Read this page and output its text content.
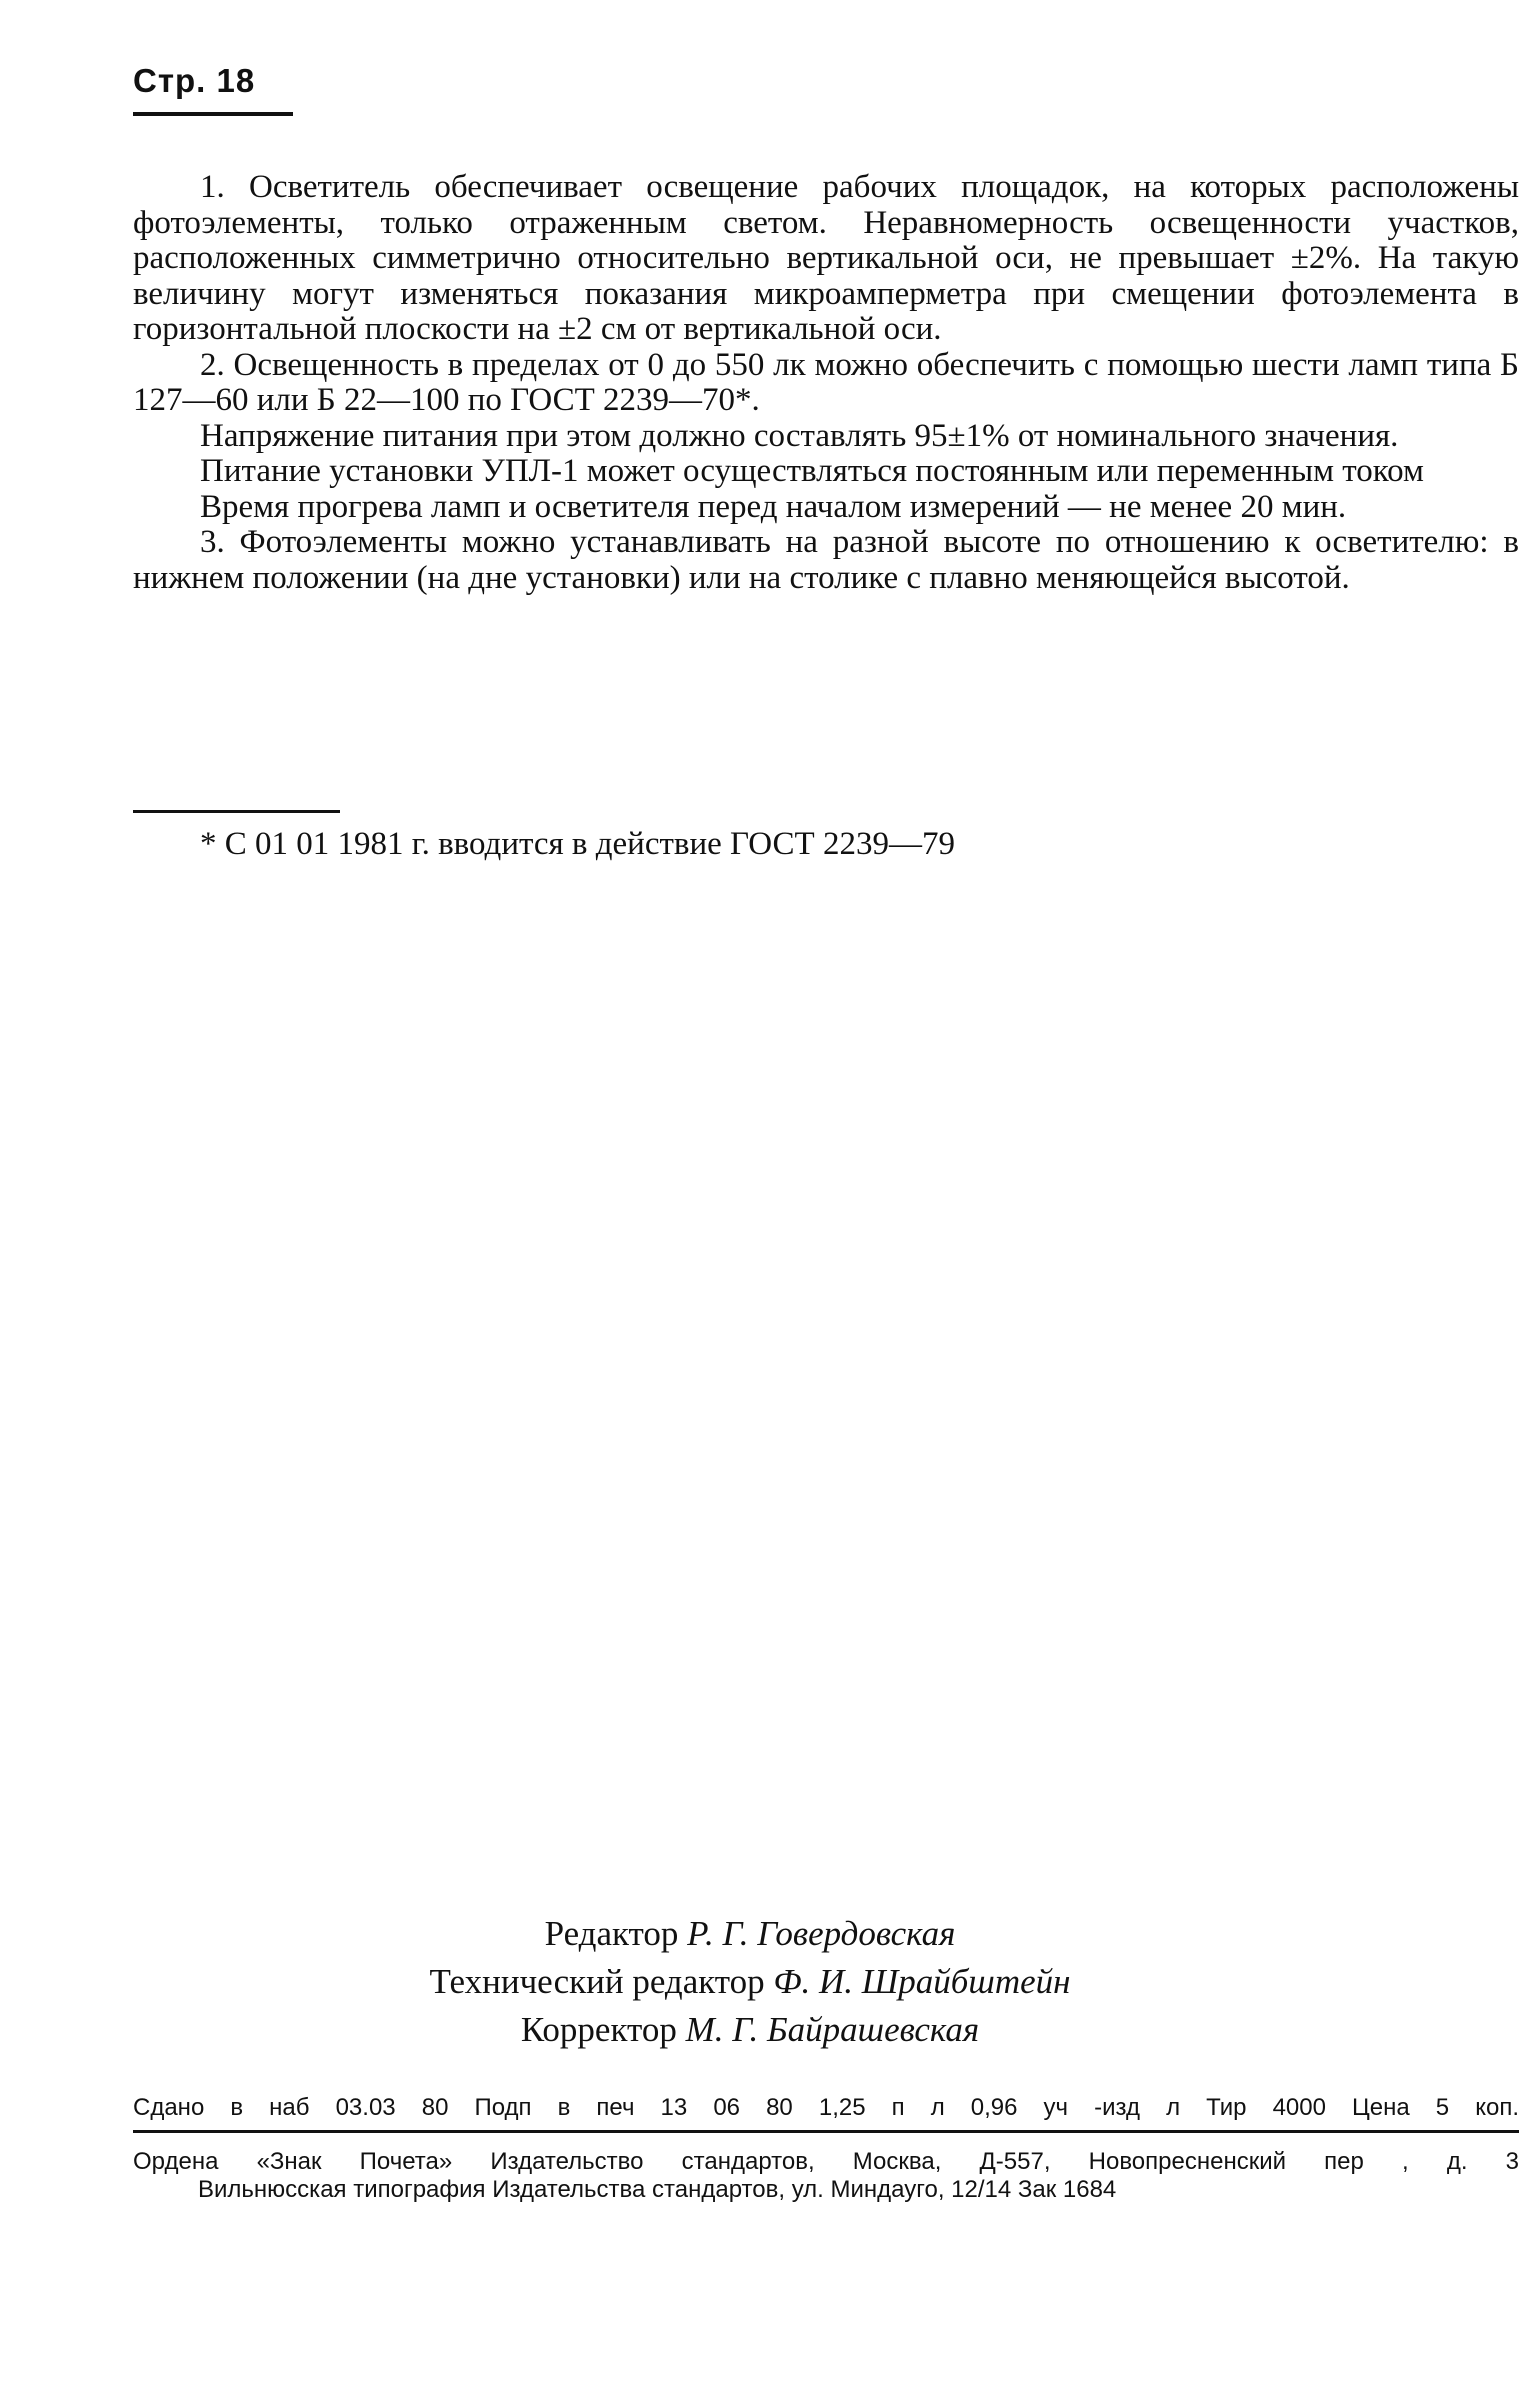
Стр. 18

1. Осветитель обеспечивает освещение рабочих площадок, на которых расположены фотоэлементы, только отраженным светом. Неравномерность освещенности участков, расположенных симметрично относительно вертикальной оси, не превышает ±2%. На такую величину могут изменяться показания микроамперметра при смещении фотоэлемента в горизонтальной плоскости на ±2 см от вертикальной оси.

2. Освещенность в пределах от 0 до 550 лк можно обеспечить с помощью шести ламп типа Б 127—60 или Б 22—100 по ГОСТ 2239—70*.

Напряжение питания при этом должно составлять 95±1% от номинального значения.

Питание установки УПЛ-1 может осуществляться постоянным или переменным током

Время прогрева ламп и осветителя перед началом измерений — не менее 20 мин.

3. Фотоэлементы можно устанавливать на разной высоте по отношению к осветителю: в нижнем положении (на дне установки) или на столике с плавно меняющейся высотой.

* С 01 01 1981 г. вводится в действие ГОСТ 2239—79
Редактор Р. Г. Говердовская
Технический редактор Ф. И. Шрайбштейн
Корректор М. Г. Байрашевская
Сдано в наб 03.03 80 Подп в печ 13 06 80 1,25 п л 0,96 уч -изд л Тир 4000 Цена 5 коп.
Ордена «Знак Почета» Издательство стандартов, Москва, Д-557, Новопресненский пер , д. 3
Вильнюсская типография Издательства стандартов, ул. Миндауго, 12/14 Зак 1684
